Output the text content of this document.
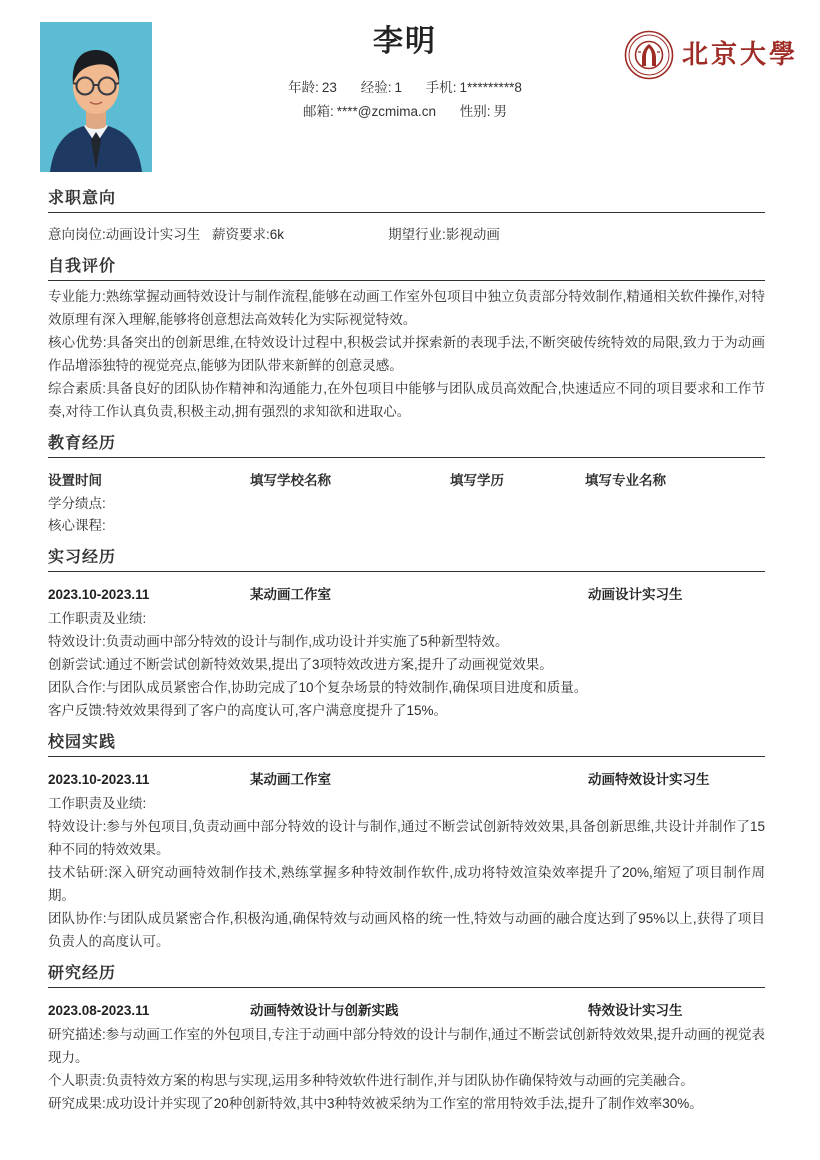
李明
年龄: 23 经验: 1 手机: 1*********8
邮箱: ****@zcmima.cn 性别: 男
北京大學
求职意向
意向岗位:动画设计实习生 薪资要求:6k	期望行业:影视动画
自我评价

专业能力:熟练掌握动画特效设计与制作流程,能够在动画工作室外包项目中独立负责部分特效制作,精通相关软件操作,对特效原理有深入理解,能够将创意想法高效转化为实际视觉特效。

核心优势:具备突出的创新思维,在特效设计过程中,积极尝试并探索新的表现手法,不断突破传统特效的局限,致力于为动画作品增添独特的视觉亮点,能够为团队带来新鲜的创意灵感。

综合素质:具备良好的团队协作精神和沟通能力,在外包项目中能够与团队成员高效配合,快速适应不同的项目要求和工作节奏,对待工作认真负责,积极主动,拥有强烈的求知欲和进取心。

教育经历
设置时间	填写学校名称	填写学历	填写专业名称
学分绩点:
核心课程:
实习经历
2023.10-2023.11	某动画工作室	动画设计实习生

工作职责及业绩:

特效设计:负责动画中部分特效的设计与制作,成功设计并实施了5种新型特效。

创新尝试:通过不断尝试创新特效效果,提出了3项特效改进方案,提升了动画视觉效果。

团队合作:与团队成员紧密合作,协助完成了10个复杂场景的特效制作,确保项目进度和质量。

客户反馈:特效效果得到了客户的高度认可,客户满意度提升了15%。

校园实践
2023.10-2023.11	某动画工作室	动画特效设计实习生

工作职责及业绩:

特效设计:参与外包项目,负责动画中部分特效的设计与制作,通过不断尝试创新特效效果,具备创新思维,共设计并制作了15种不同的特效效果。

技术钻研:深入研究动画特效制作技术,熟练掌握多种特效制作软件,成功将特效渲染效率提升了20%,缩短了项目制作周期。

团队协作:与团队成员紧密合作,积极沟通,确保特效与动画风格的统一性,特效与动画的融合度达到了95%以上,获得了项目负责人的高度认可。

研究经历
2023.08-2023.11	动画特效设计与创新实践	特效设计实习生

研究描述:参与动画工作室的外包项目,专注于动画中部分特效的设计与制作,通过不断尝试创新特效效果,提升动画的视觉表现力。

个人职责:负责特效方案的构思与实现,运用多种特效软件进行制作,并与团队协作确保特效与动画的完美融合。

研究成果:成功设计并实现了20种创新特效,其中3种特效被采纳为工作室的常用特效手法,提升了制作效率30%。
